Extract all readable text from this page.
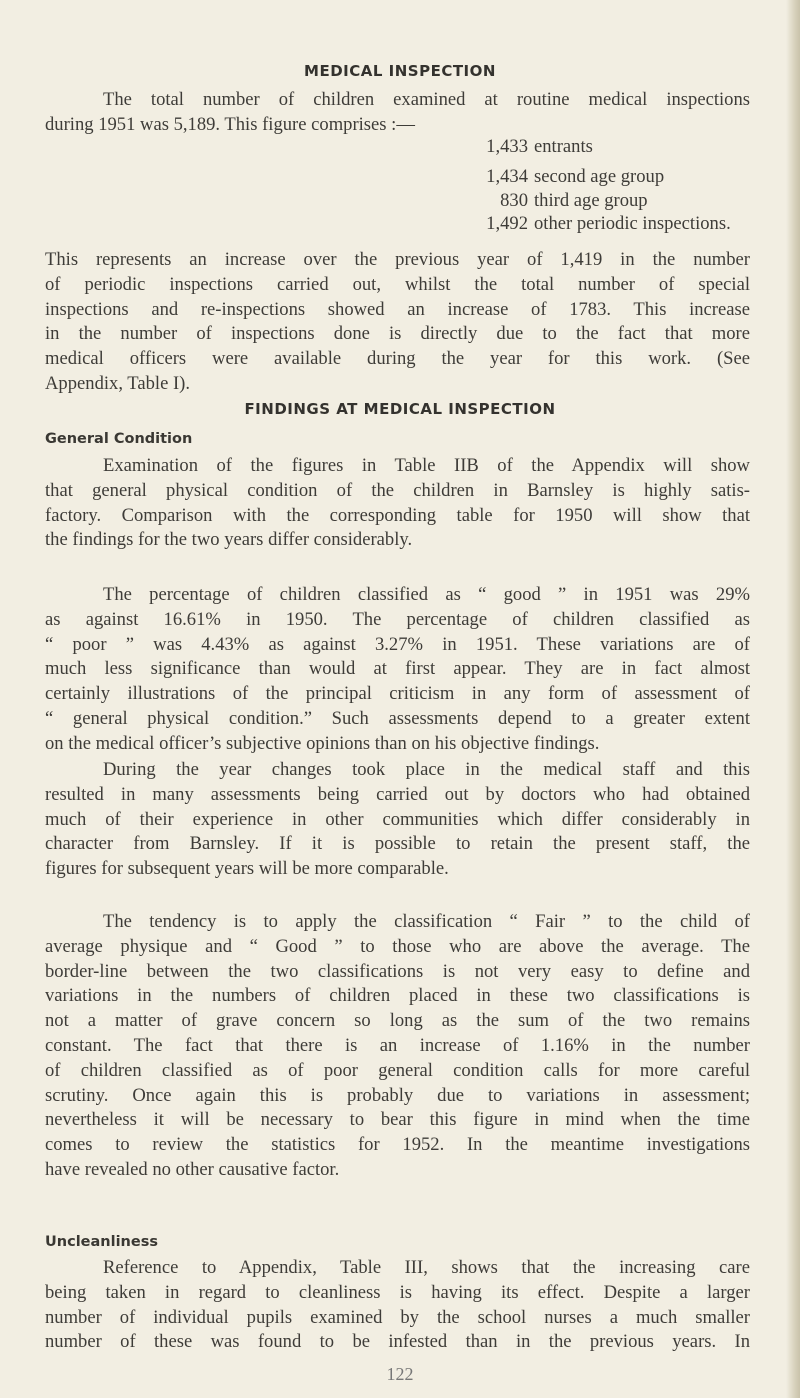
MEDICAL INSPECTION
The total number of children examined at routine medical inspections
during 1951 was 5,189. This figure comprises :—
1,433 entrants
1,434 second age group
830 third age group
1,492 other periodic inspections.
This represents an increase over the previous year of 1,419 in the number
of periodic inspections carried out, whilst the total number of special
inspections and re-inspections showed an increase of 1783. This increase
in the number of inspections done is directly due to the fact that more
medical officers were available during the year for this work. (See
Appendix, Table I).
FINDINGS AT MEDICAL INSPECTION
General Condition
Examination of the figures in Table IIB of the Appendix will show
that general physical condition of the children in Barnsley is highly satis-
factory. Comparison with the corresponding table for 1950 will show that
the findings for the two years differ considerably.
The percentage of children classified as “ good ” in 1951 was 29%
as against 16.61% in 1950. The percentage of children classified as
“ poor ” was 4.43% as against 3.27% in 1951. These variations are of
much less significance than would at first appear. They are in fact almost
certainly illustrations of the principal criticism in any form of assessment of
“ general physical condition.” Such assessments depend to a greater extent
on the medical officer’s subjective opinions than on his objective findings.
During the year changes took place in the medical staff and this
resulted in many assessments being carried out by doctors who had obtained
much of their experience in other communities which differ considerably in
character from Barnsley. If it is possible to retain the present staff, the
figures for subsequent years will be more comparable.
The tendency is to apply the classification “ Fair ” to the child of
average physique and “ Good ” to those who are above the average. The
border-line between the two classifications is not very easy to define and
variations in the numbers of children placed in these two classifications is
not a matter of grave concern so long as the sum of the two remains
constant. The fact that there is an increase of 1.16% in the number
of children classified as of poor general condition calls for more careful
scrutiny. Once again this is probably due to variations in assessment;
nevertheless it will be necessary to bear this figure in mind when the time
comes to review the statistics for 1952. In the meantime investigations
have revealed no other causative factor.
Uncleanliness
Reference to Appendix, Table III, shows that the increasing care
being taken in regard to cleanliness is having its effect. Despite a larger
number of individual pupils examined by the school nurses a much smaller
number of these was found to be infested than in the previous years. In
122
